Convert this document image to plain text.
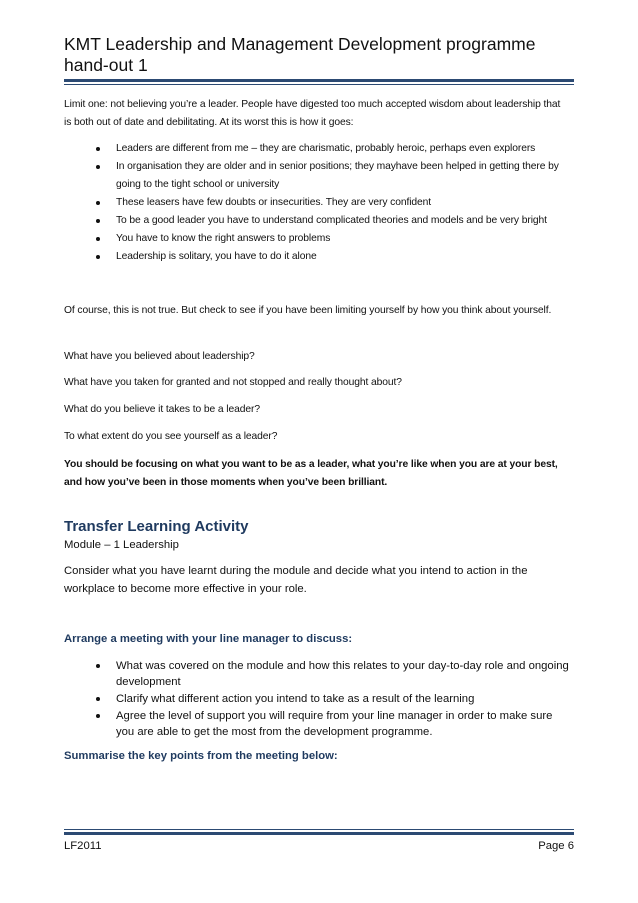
KMT Leadership and Management Development programme hand-out 1

Limit one: not believing you’re a leader. People have digested too much accepted wisdom about leadership that is both out of date and debilitating. At its worst this is how it goes:

Leaders are different from me – they are charismatic, probably heroic, perhaps even explorers
In organisation they are older and in senior positions; they mayhave been helped in getting there by going to the tight school or university
These leasers have few doubts or insecurities. They are very confident
To be a good leader you have to understand complicated theories and models and be very bright
You have to know the right answers to problems
Leadership is solitary, you have to do it alone

Of course, this is not true. But check to see if you have been limiting yourself by how you think about yourself.

What have you believed about leadership?

What have you taken for granted and not stopped and really thought about?

What do you believe it takes to be a leader?

To what extent do you see yourself as a leader?

You should be focusing on what you want to be as a leader, what you’re like when you are at your best, and how you’ve been in those moments when you’ve been brilliant.

Transfer Learning Activity
Module – 1 Leadership
Consider what you have learnt during the module and decide what you intend to action in the workplace to become more effective in your role.
Arrange a meeting with your line manager to discuss:
What was covered on the module and how this relates to your day-to-day role and ongoing development
Clarify what different action you intend to take as a result of the learning
Agree the level of support you will require from your line manager in order to make sure you are able to get the most from the development programme.
Summarise the key points from the meeting below:
LF2011	Page 6
